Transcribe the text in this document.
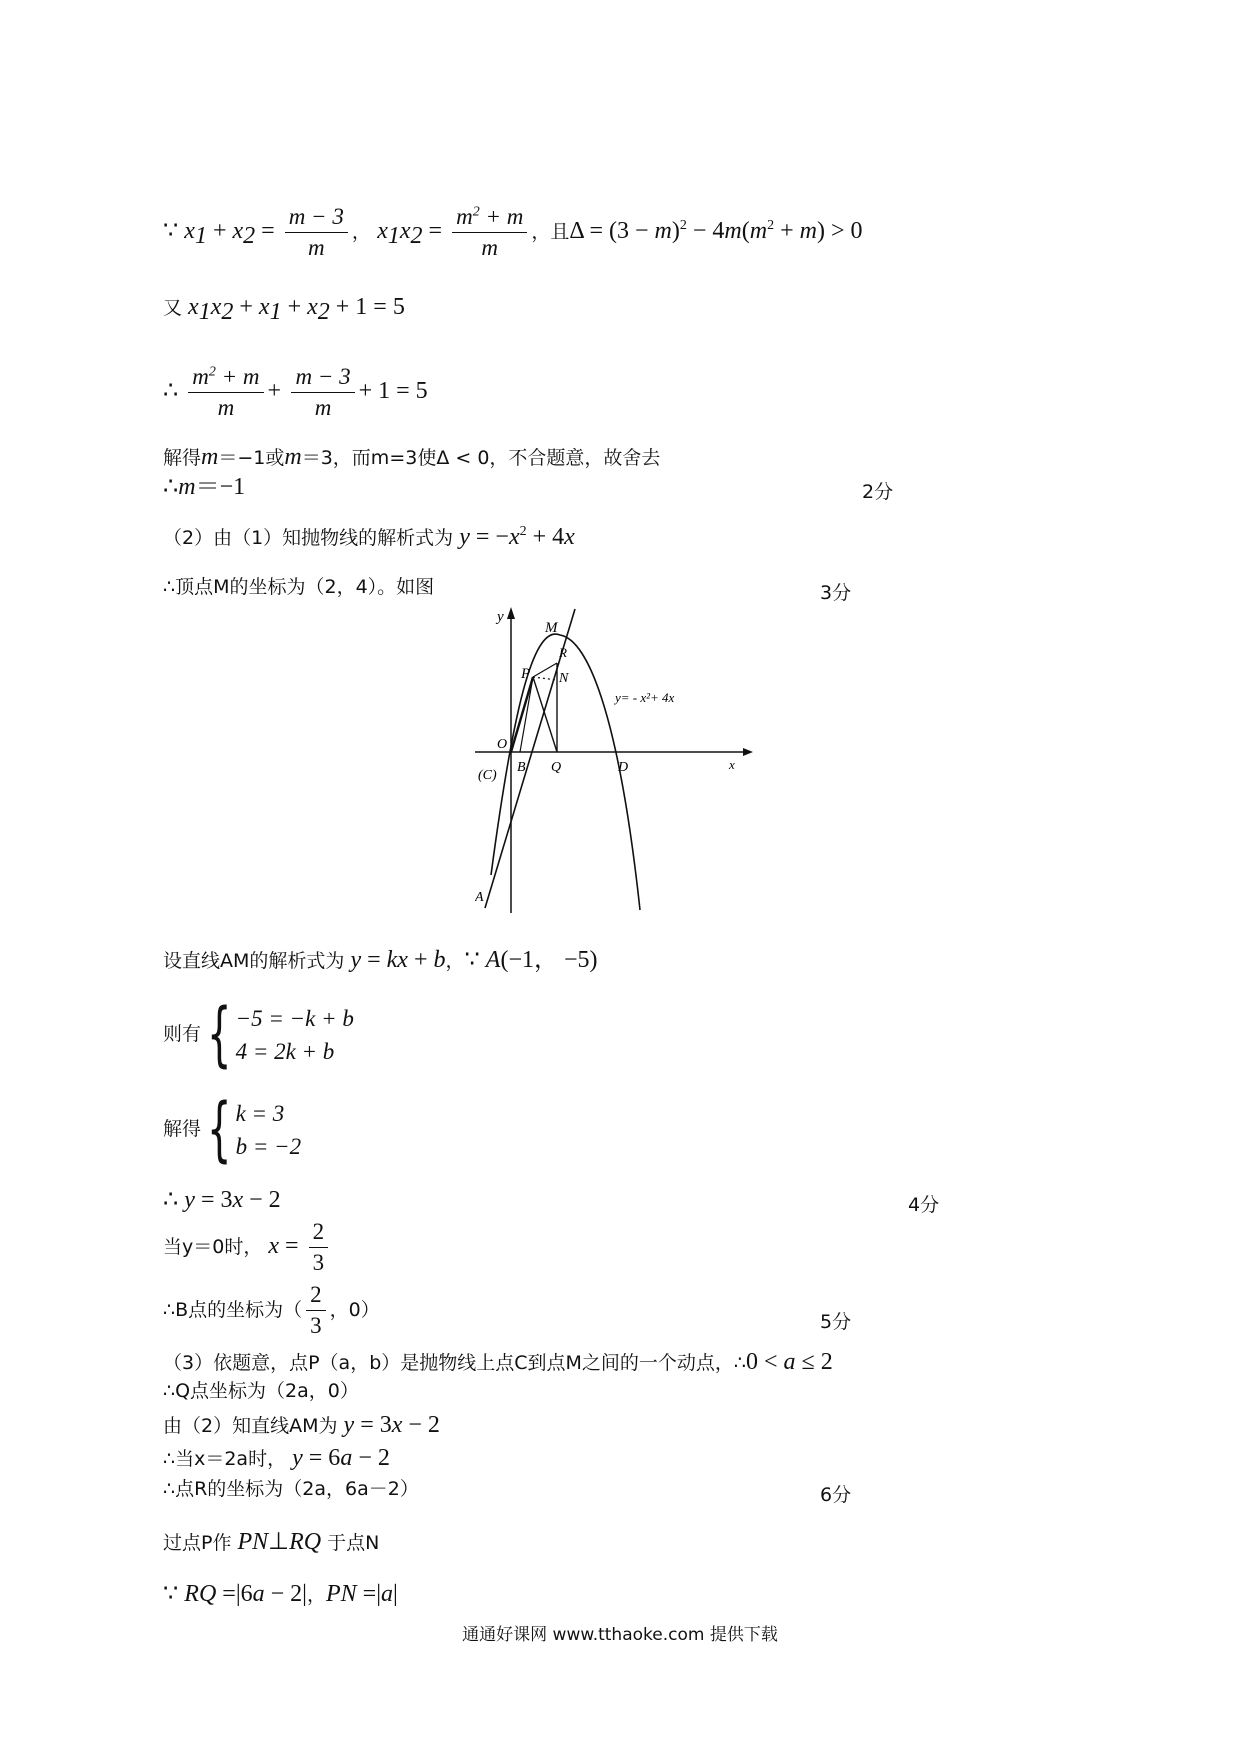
∵ $x_1 + x_2 = \frac{m - 3}{m}$ ， $x_1x_2 = \frac{m^2 + m}{m}$ ，且$\Delta = (3 - m)^2 - 4m(m^2 + m) > 0$
又 $x_1x_2 + x_1 + x_2 + 1 = 5$
∴ $\frac{m^2 + m}{m} + \frac{m - 3}{m} + 1 = 5$
解得m＝−1或m＝3，而m=3使Δ < 0，不合题意，故舍去
∴m＝−1	2分
（2）由（1）知抛物线的解析式为 $y = -x^2 + 4x$
∴顶点M的坐标为（2，4）。如图	3分
y
M
R
P N
O
(C)
B Q	D	x
A
y= - x²+ 4x
设直线AM的解析式为 y = kx + b，∵ A(−1， −5)
则有{ −5 = −k + b
4 = 2k + b
解得{ k = 3
b = −2
∴ y = 3x − 2	4分
当y＝0时， $x = \frac{2}{3}$
∴B点的坐标为（ $\frac{2}{3}$ ，0）
5分
（3）依题意，点P（a，b）是抛物线上点C到点M之间的一个动点，∴0 < a ≤ 2
∴Q点坐标为（2a，0）
由（2）知直线AM为 y = 3x − 2
∴当x＝2a时， y = 6a − 2
∴点R的坐标为（2a，6a－2）	6分
过点P作 PN⊥RQ 于点N
∵ RQ =|6a − 2|，PN =|a|
通通好课网 www.tthaoke.com 提供下载
